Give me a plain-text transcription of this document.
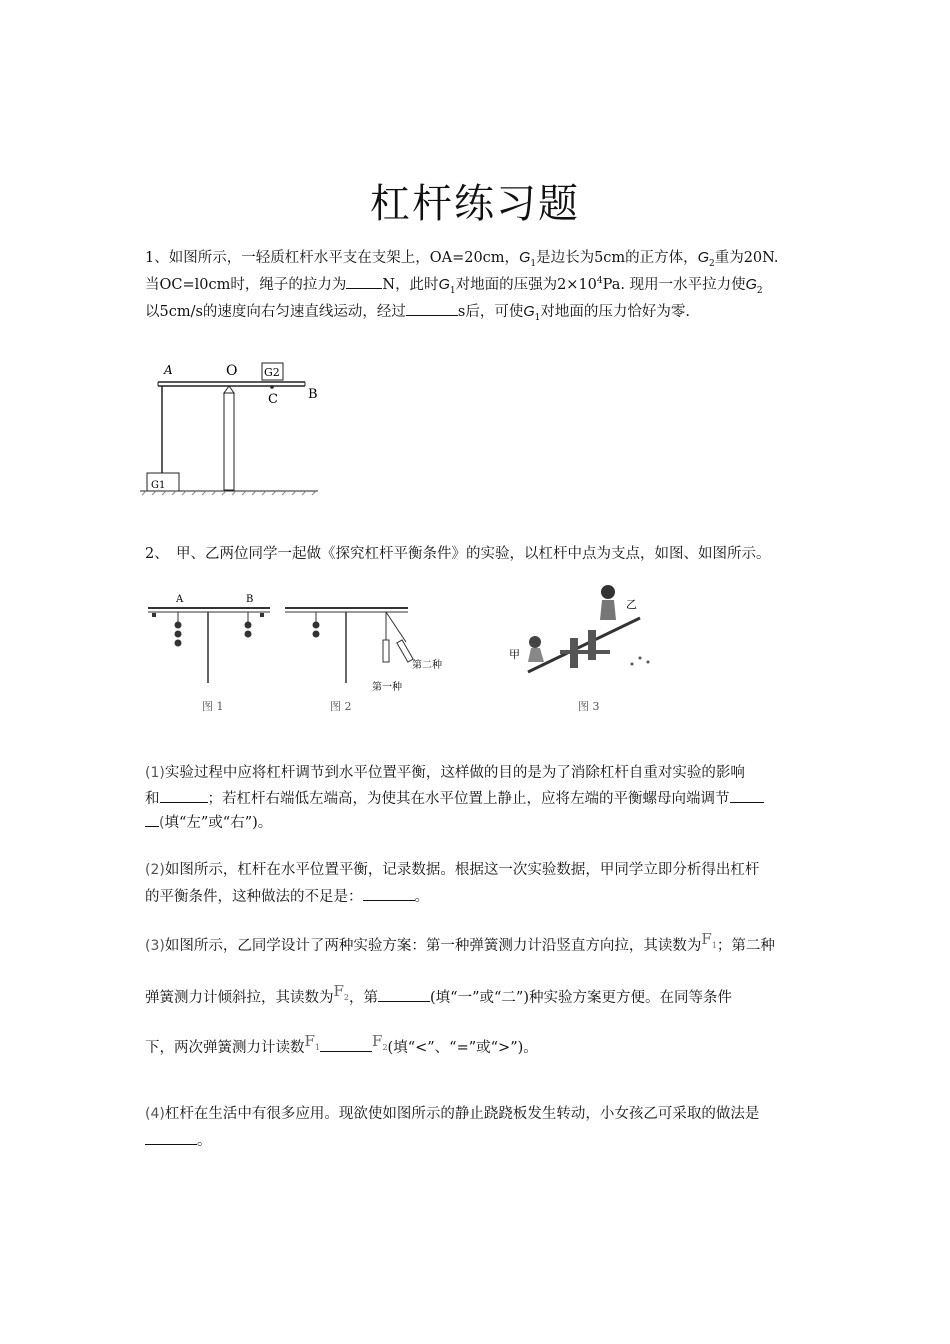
杠杆练习题
1、如图所示，一轻质杠杆水平支在支架上，OA=20cm，$G_1$是边长为5cm的正方体，$G_2$重为20N.
当OC=l0cm时，绳子的拉力为 N，此时$G_1$对地面的压强为$2\times 10^4Pa$. 现用一水平拉力使$G_2$
以5cm/s的速度向右匀速直线运动，经过	s后，可使$G_1$对地面的压力恰好为零.
G1
G2
A	O
C B
2、　甲、乙两位同学一起做《探究杠杆平衡条件》的实验，以杠杆中点为支点，如图、如图所示。
A	B
图 1
第二种
第一种
图 2
甲
乙
图 3
(1)实验过程中应将杠杆调节到水平位置平衡，这样做的目的是为了消除杠杆自重对实验的影响
和	；若杠杆右端低左端高，为使其在水平位置上静止，应将左端的平衡螺母向端调节
(填“左”或“右”)。
(2)如图所示，杠杆在水平位置平衡，记录数据。根据这一次实验数据，甲同学立即分析得出杠杆
的平衡条件，这种做法的不足是：	。
(3)如图所示，乙同学设计了两种实验方案：第一种弹簧测力计沿竖直方向拉，其读数为$F_1$；第二种
弹簧测力计倾斜拉，其读数为$F_2$，第	(填“一”或“二”)种实验方案更方便。在同等条件
下，两次弹簧测力计读数$F_1$	$F_2$(填“<”、“=”或“>”)。
(4)杠杆在生活中有很多应用。现欲使如图所示的静止跷跷板发生转动，小女孩乙可采取的做法是
。
